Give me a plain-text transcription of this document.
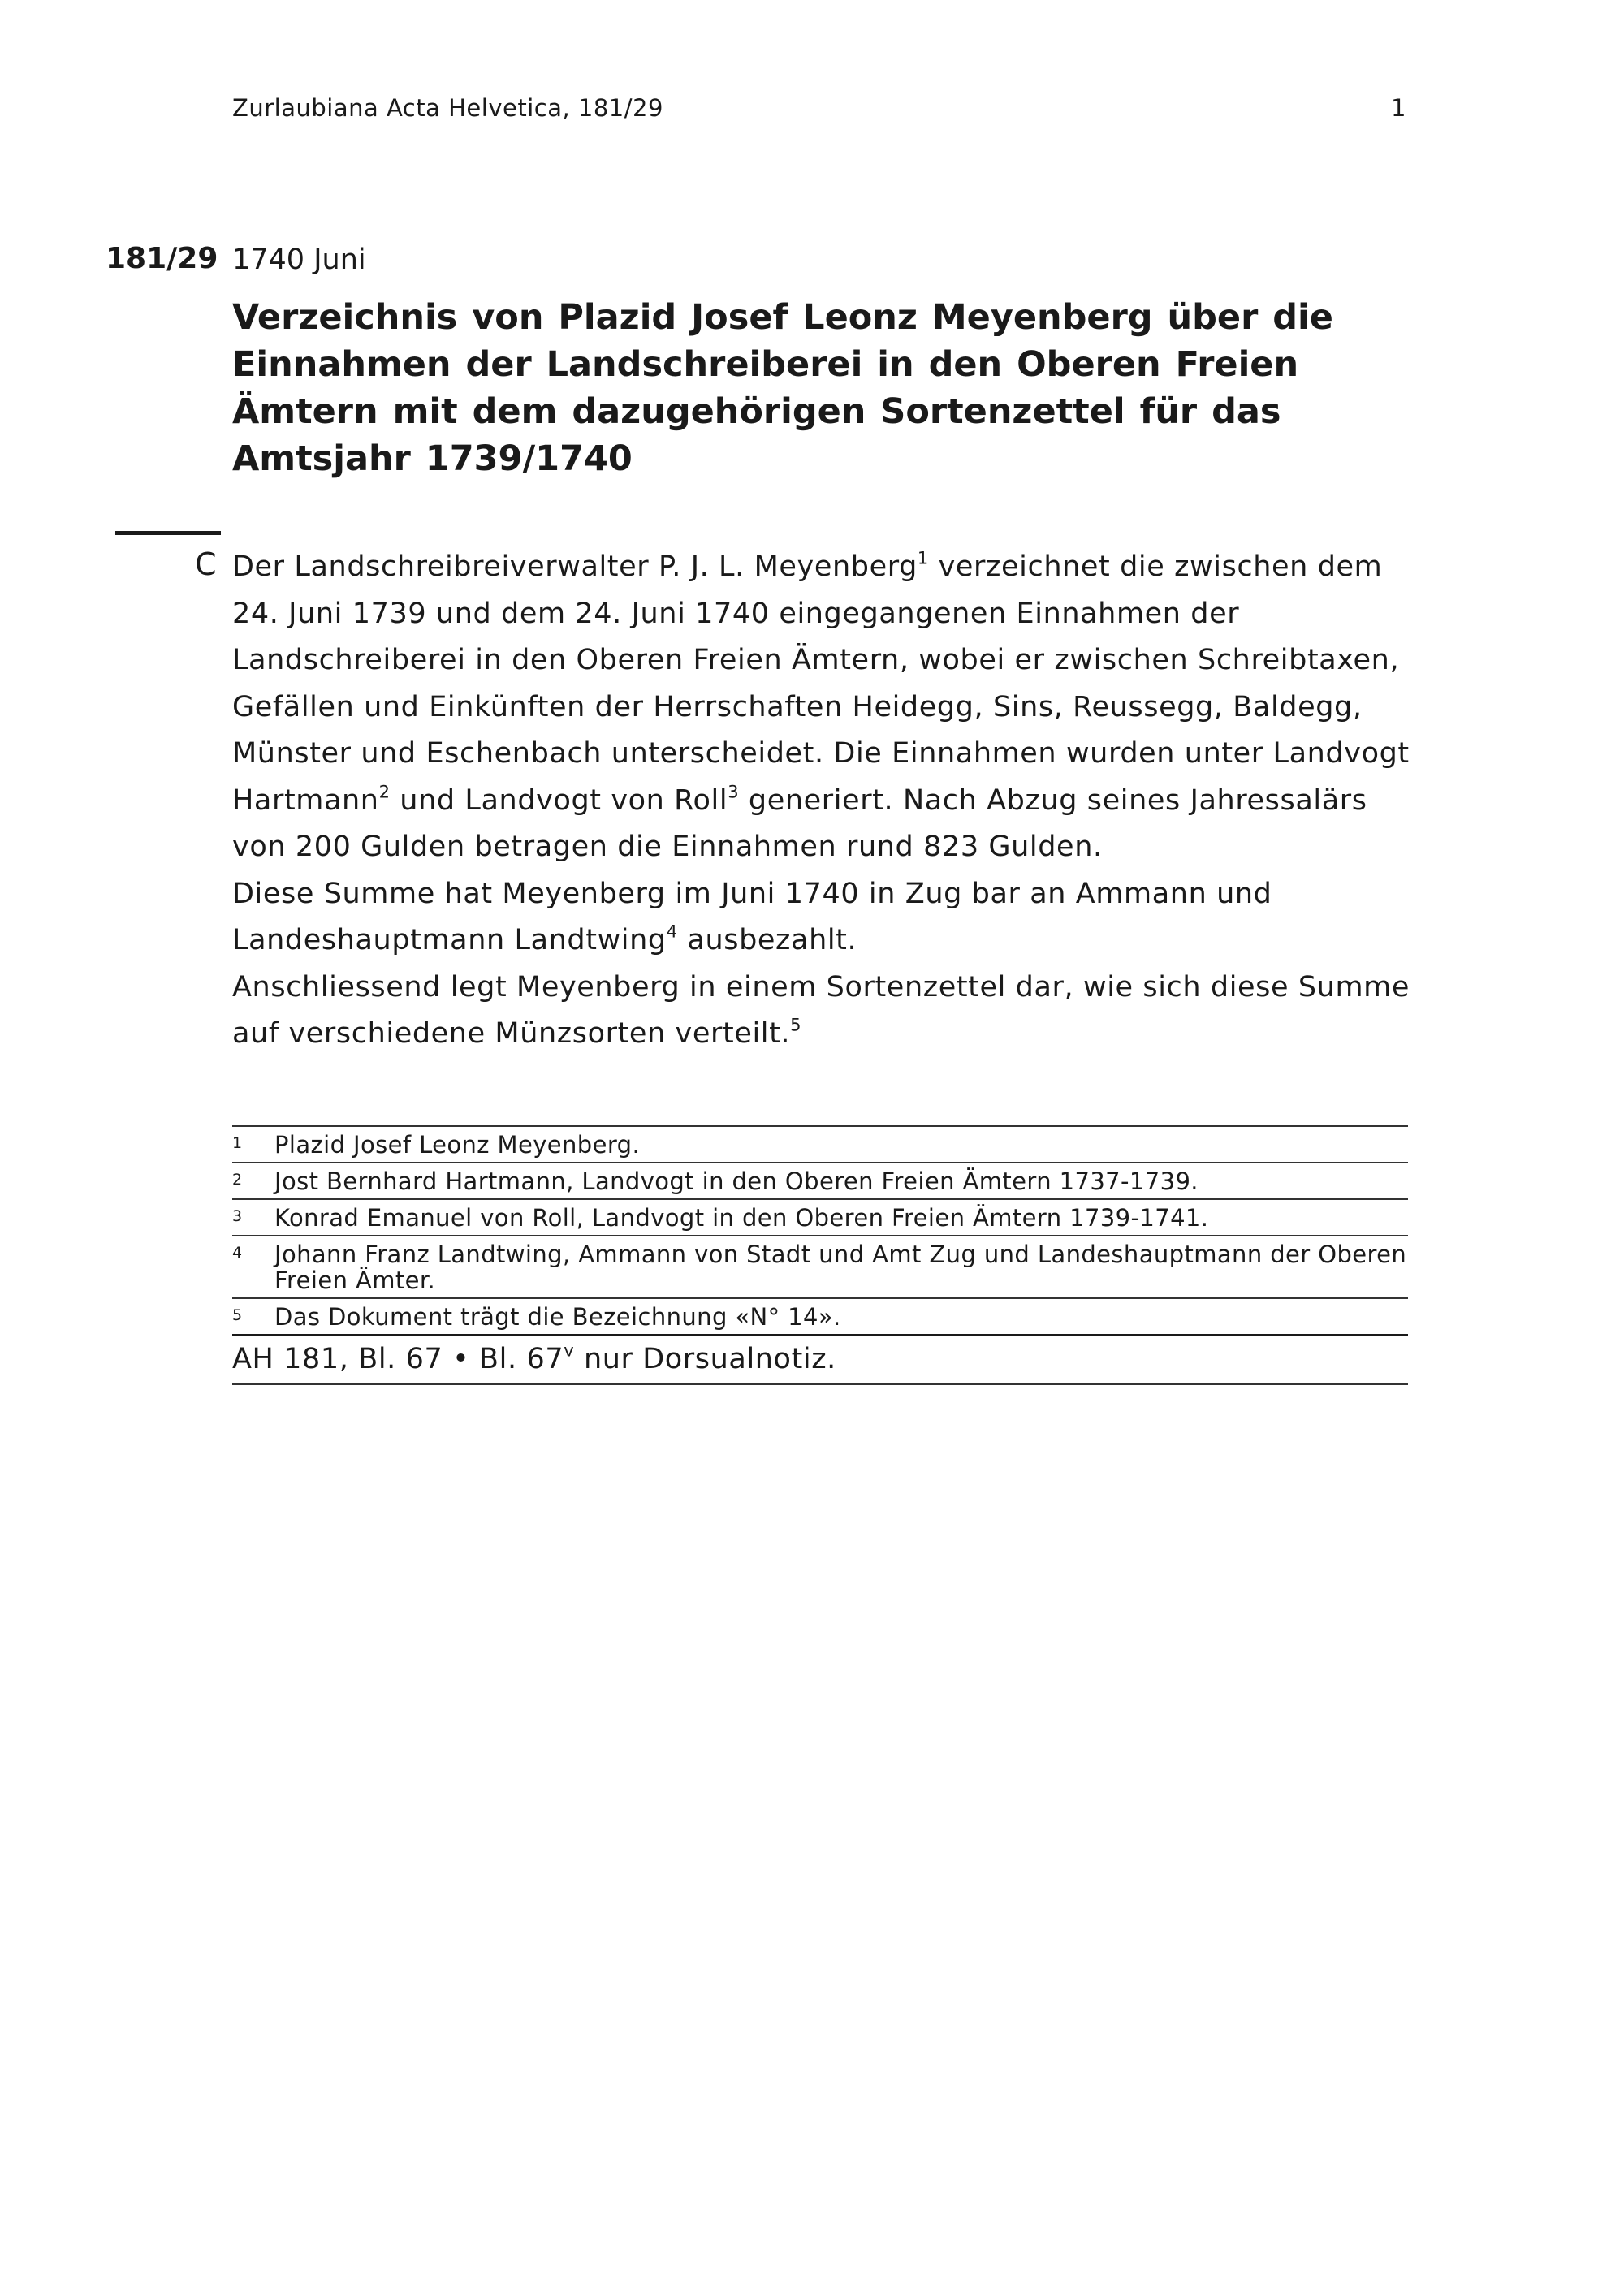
Zurlaubiana Acta Helvetica, 181/29	1
181/29 1740 Juni
Verzeichnis von Plazid Josef Leonz Meyenberg über die Einnahmen der Landschreiberei in den Oberen Freien Ämtern mit dem dazugehörigen Sortenzettel für das Amtsjahr 1739/1740
C Der Landschreibreiverwalter P. J. L. Meyenberg$^1$ verzeichnet die zwischen dem 24. Juni 1739 und dem 24. Juni 1740 eingegangenen Einnahmen der Landschreiberei in den Oberen Freien Ämtern, wobei er zwischen Schreibtaxen, Gefällen und Einkünften der Herrschaften Heidegg, Sins, Reussegg, Baldegg, Münster und Eschenbach unterscheidet. Die Einnahmen wurden unter Landvogt Hartmann$^2$ und Landvogt von Roll$^3$ generiert. Nach Abzug seines Jahressalärs von 200 Gulden betragen die Einnahmen rund 823 Gulden.

Diese Summe hat Meyenberg im Juni 1740 in Zug bar an Ammann und Landeshauptmann Landtwing$^4$ ausbezahlt.

Anschliessend legt Meyenberg in einem Sortenzettel dar, wie sich diese Summe auf verschiedene Münzsorten verteilt.$^5$

1 Plazid Josef Leonz Meyenberg.
2 Jost Bernhard Hartmann, Landvogt in den Oberen Freien Ämtern 1737-1739.
3 Konrad Emanuel von Roll, Landvogt in den Oberen Freien Ämtern 1739-1741.
4 Johann Franz Landtwing, Ammann von Stadt und Amt Zug und Landeshauptmann der Oberen Freien Ämter.
5 Das Dokument trägt die Bezeichnung «N° 14».
AH 181, Bl. 67 • Bl. 67$^v$ nur Dorsualnotiz.
